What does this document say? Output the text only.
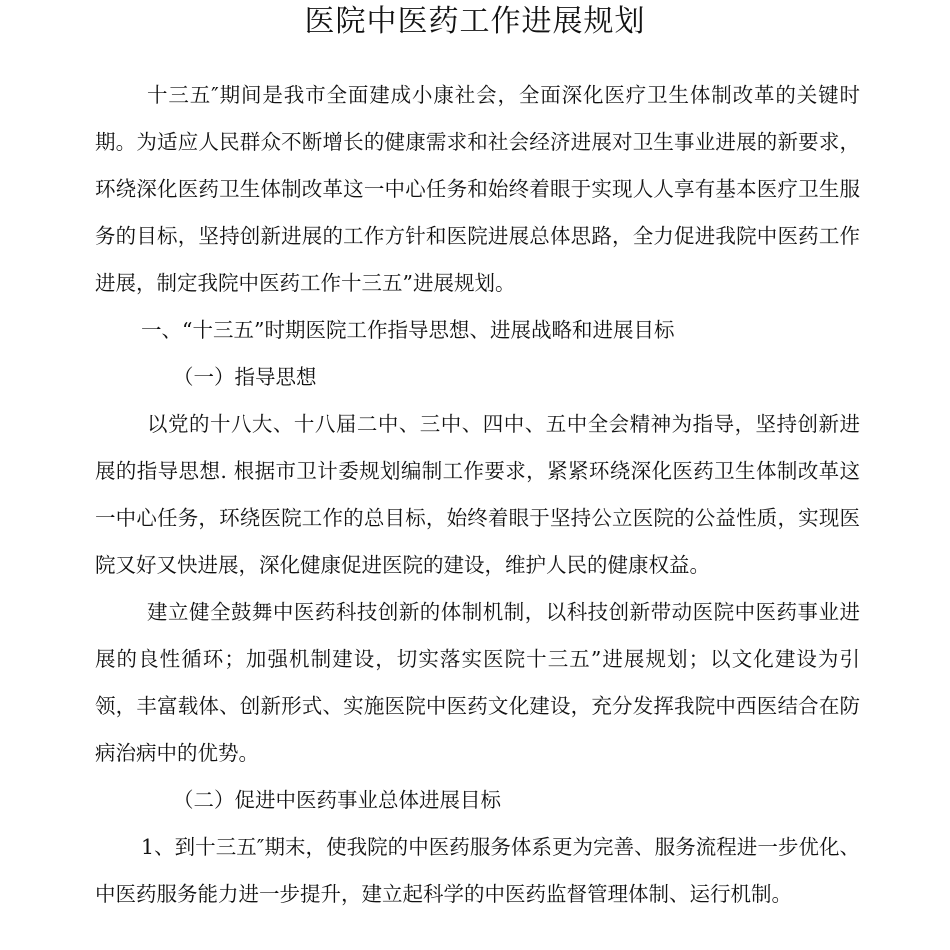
医院中医药工作进展规划

十三五″期间是我市全面建成小康社会，全面深化医疗卫生体制改革的关键时期。为适应人民群众不断增长的健康需求和社会经济进展对卫生事业进展的新要求，环绕深化医药卫生体制改革这一中心任务和始终着眼于实现人人享有基本医疗卫生服务的目标，坚持创新进展的工作方针和医院进展总体思路，全力促进我院中医药工作进展，制定我院中医药工作十三五”进展规划。

一、“十三五”时期医院工作指导思想、进展战略和进展目标

（一）指导思想

以党的十八大、十八届二中、三中、四中、五中全会精神为指导，坚持创新进展的指导思想. 根据市卫计委规划编制工作要求，紧紧环绕深化医药卫生体制改革这一中心任务，环绕医院工作的总目标，始终着眼于坚持公立医院的公益性质，实现医院又好又快进展，深化健康促进医院的建设，维护人民的健康权益。

建立健全鼓舞中医药科技创新的体制机制，以科技创新带动医院中医药事业进展的良性循环；加强机制建设，切实落实医院十三五”进展规划；以文化建设为引领，丰富载体、创新形式、实施医院中医药文化建设，充分发挥我院中西医结合在防病治病中的优势。

（二）促进中医药事业总体进展目标

1、到十三五″期末，使我院的中医药服务体系更为完善、服务流程进一步优化、中医药服务能力进一步提升，建立起科学的中医药监督管理体制、运行机制。
